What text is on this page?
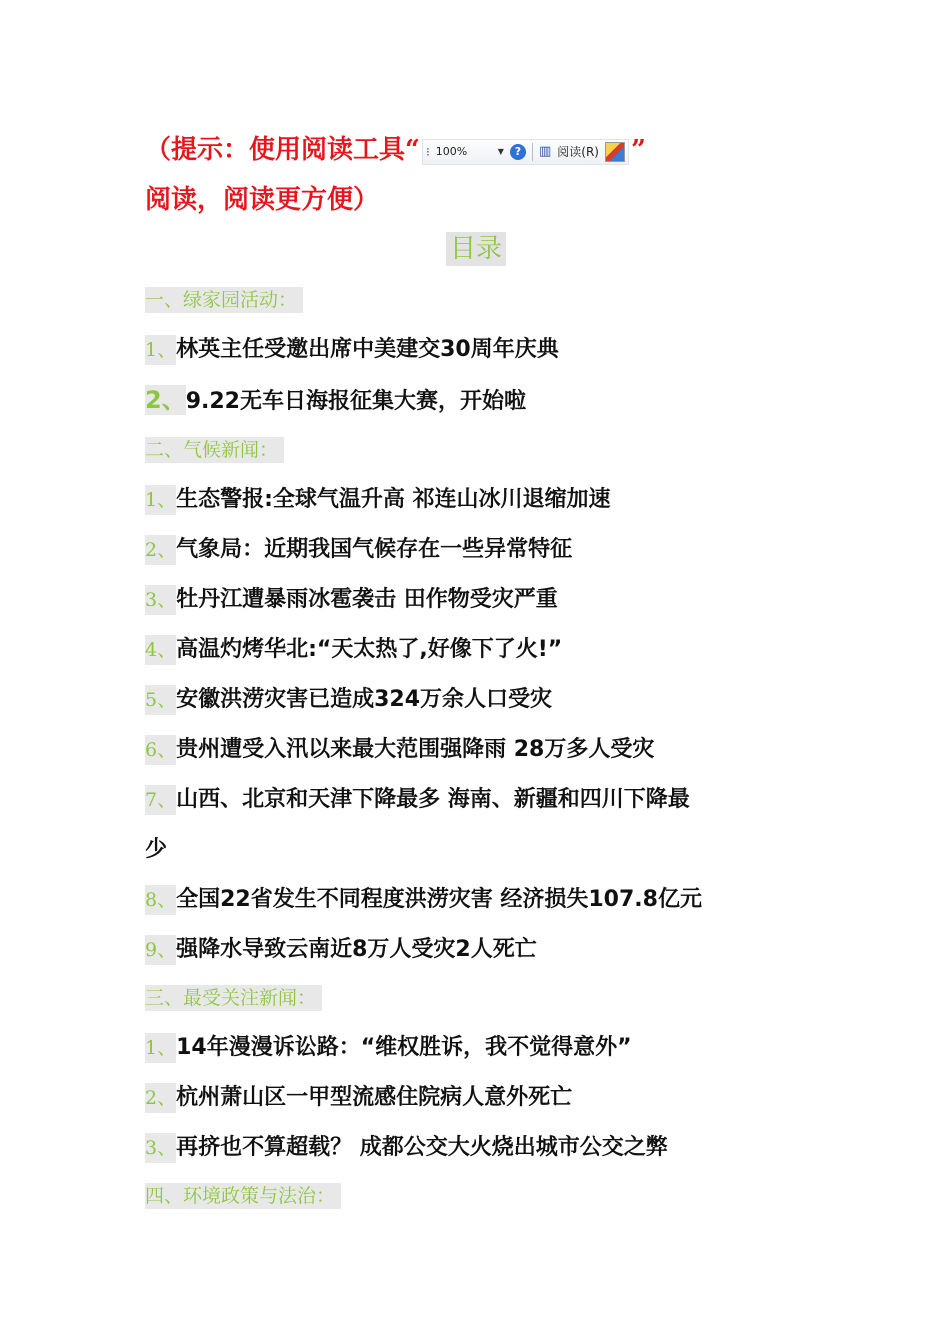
（提示：使用阅读工具“ ⁝ 100%	▼ ?	▥ 阅读(R) ”
阅读，阅读更方便）
目录
一、绿家园活动：
1、林英主任受邀出席中美建交30周年庆典
2、9.22无车日海报征集大赛，开始啦
二、气候新闻：
1、生态警报:全球气温升高 祁连山冰川退缩加速
2、气象局：近期我国气候存在一些异常特征
3、牡丹江遭暴雨冰雹袭击 田作物受灾严重
4、高温灼烤华北:“天太热了,好像下了火!”
5、安徽洪涝灾害已造成324万余人口受灾
6、贵州遭受入汛以来最大范围强降雨 28万多人受灾
7、山西、北京和天津下降最多 海南、新疆和四川下降最
少
8、全国22省发生不同程度洪涝灾害 经济损失107.8亿元
9、强降水导致云南近8万人受灾2人死亡
三、最受关注新闻：
1、14年漫漫诉讼路：“维权胜诉，我不觉得意外”
2、杭州萧山区一甲型流感住院病人意外死亡
3、再挤也不算超载？ 成都公交大火烧出城市公交之弊
四、环境政策与法治：
